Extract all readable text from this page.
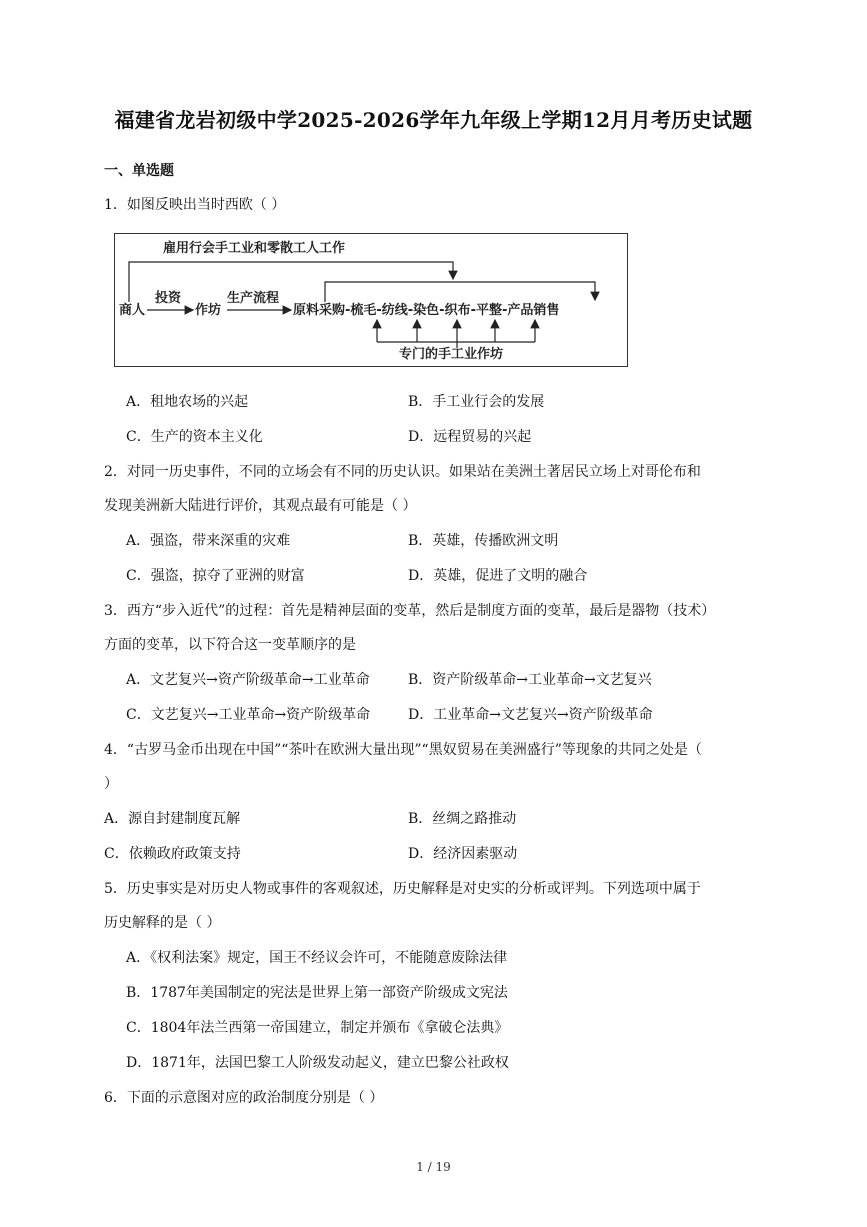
福建省龙岩初级中学2025-2026学年九年级上学期12月月考历史试题
一、单选题
1．如图反映出当时西欧（ ）
雇用行会手工业和零散工人工作
商人
投资
作坊
生产流程
原料采购-梳毛-纺线-染色-织布-平整-产品销售
专门的手工业作坊
A．租地农场的兴起	B．手工业行会的发展
C．生产的资本主义化	D．远程贸易的兴起
2．对同一历史事件，不同的立场会有不同的历史认识。如果站在美洲土著居民立场上对哥伦布和
发现美洲新大陆进行评价，其观点最有可能是（ ）
A．强盗，带来深重的灾难	B．英雄，传播欧洲文明
C．强盗，掠夺了亚洲的财富	D．英雄，促进了文明的融合
3．西方“步入近代”的过程：首先是精神层面的变革，然后是制度方面的变革，最后是器物（技术）
方面的变革，以下符合这一变革顺序的是
A．文艺复兴→资产阶级革命→工业革命	B．资产阶级革命→工业革命→文艺复兴
C．文艺复兴→工业革命→资产阶级革命	D．工业革命→文艺复兴→资产阶级革命
4．“古罗马金币出现在中国”“茶叶在欧洲大量出现”“黑奴贸易在美洲盛行”等现象的共同之处是（
）
A．源自封建制度瓦解	B．丝绸之路推动
C．依赖政府政策支持	D．经济因素驱动
5．历史事实是对历史人物或事件的客观叙述，历史解释是对史实的分析或评判。下列选项中属于
历史解释的是（ ）
A．《权利法案》规定，国王不经议会许可，不能随意废除法律
B．1787年美国制定的宪法是世界上第一部资产阶级成文宪法
C．1804年法兰西第一帝国建立，制定并颁布《拿破仑法典》
D．1871年，法国巴黎工人阶级发动起义，建立巴黎公社政权
6．下面的示意图对应的政治制度分别是（ ）
1 / 19
